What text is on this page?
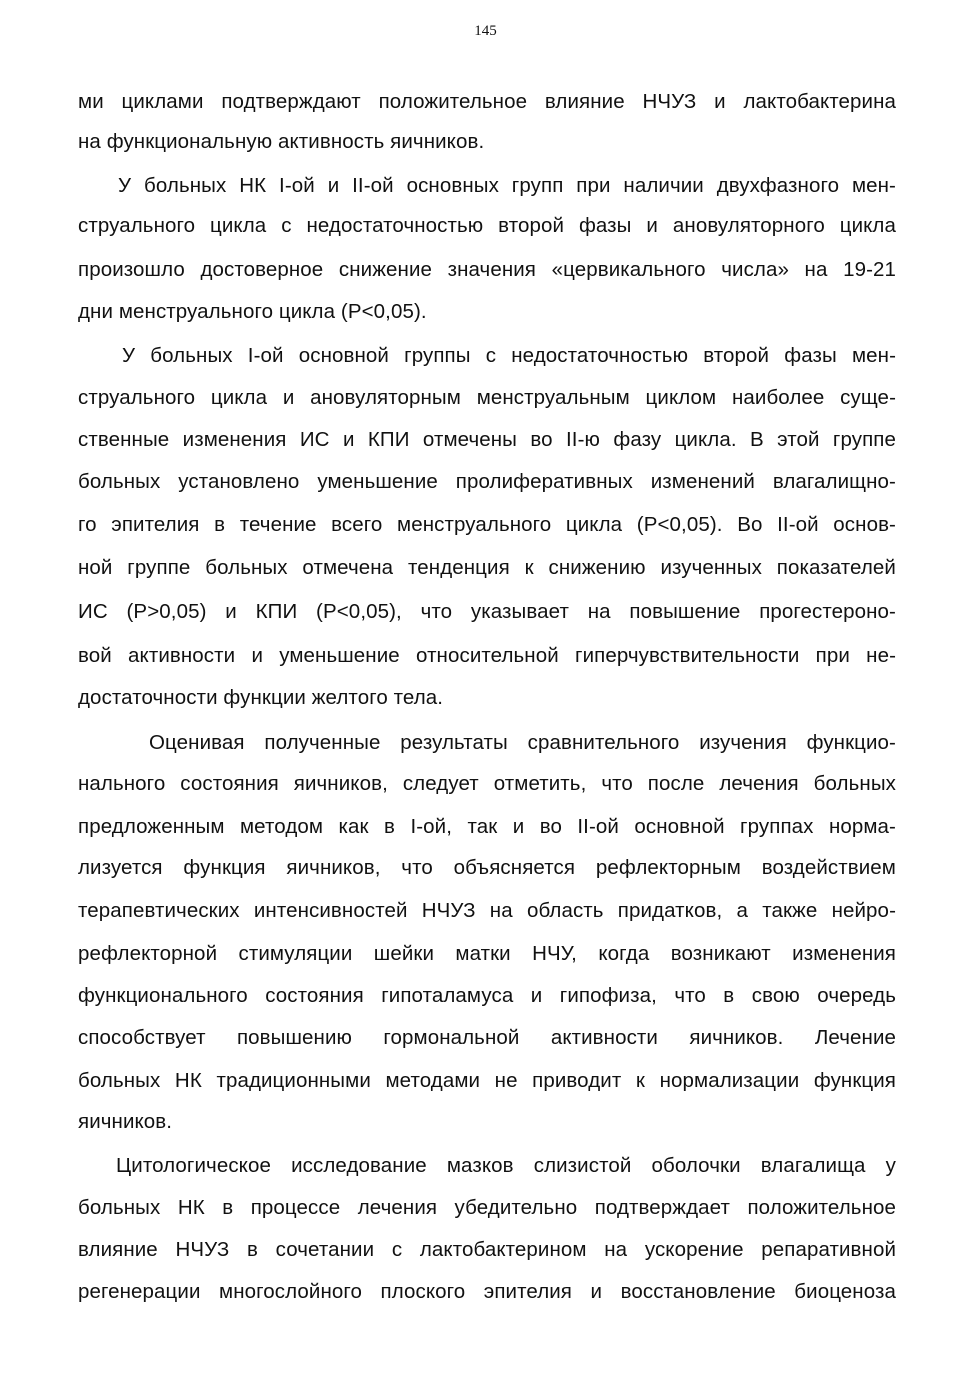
145
ми циклами подтверждают положительное влияние НЧУЗ и лактобактерина
на функциональную активность яичников.
У больных НК I-ой и II-ой основных групп при наличии двухфазного мен-
струального цикла с недостаточностью второй фазы и ановуляторного цикла
произошло достоверное снижение значения «цервикального числа» на 19-21
дни менструального цикла (Р<0,05).
У больных I-ой основной группы с недостаточностью второй фазы мен-
струального цикла и ановуляторным менструальным циклом наиболее суще-
ственные изменения ИС и КПИ отмечены во II-ю фазу цикла. В этой группе
больных установлено уменьшение пролиферативных изменений влагалищно-
го эпителия в течение всего менструального цикла (Р<0,05). Во II-ой основ-
ной группе больных отмечена тенденция к снижению изученных показателей
ИС (Р>0,05) и КПИ (Р<0,05), что указывает на повышение прогестероно-
вой активности и уменьшение относительной гиперчувствительности при не-
достаточности функции желтого тела.
Оценивая полученные результаты сравнительного изучения функцио-
нального состояния яичников, следует отметить, что после лечения больных
предложенным методом как в I-ой, так и во II-ой основной группах норма-
лизуется функция яичников, что объясняется рефлекторным воздействием
терапевтических интенсивностей НЧУЗ на область придатков, а также нейро-
рефлекторной стимуляции шейки матки НЧУ, когда возникают изменения
функционального состояния гипоталамуса и гипофиза, что в свою очередь
способствует повышению гормональной активности яичников. Лечение
больных НК традиционными методами не приводит к нормализации функция
яичников.
Цитологическое исследование мазков слизистой оболочки влагалища у
больных НК в процессе лечения убедительно подтверждает положительное
влияние НЧУЗ в сочетании с лактобактерином на ускорение репаративной
регенерации многослойного плоского эпителия и восстановление биоценоза
